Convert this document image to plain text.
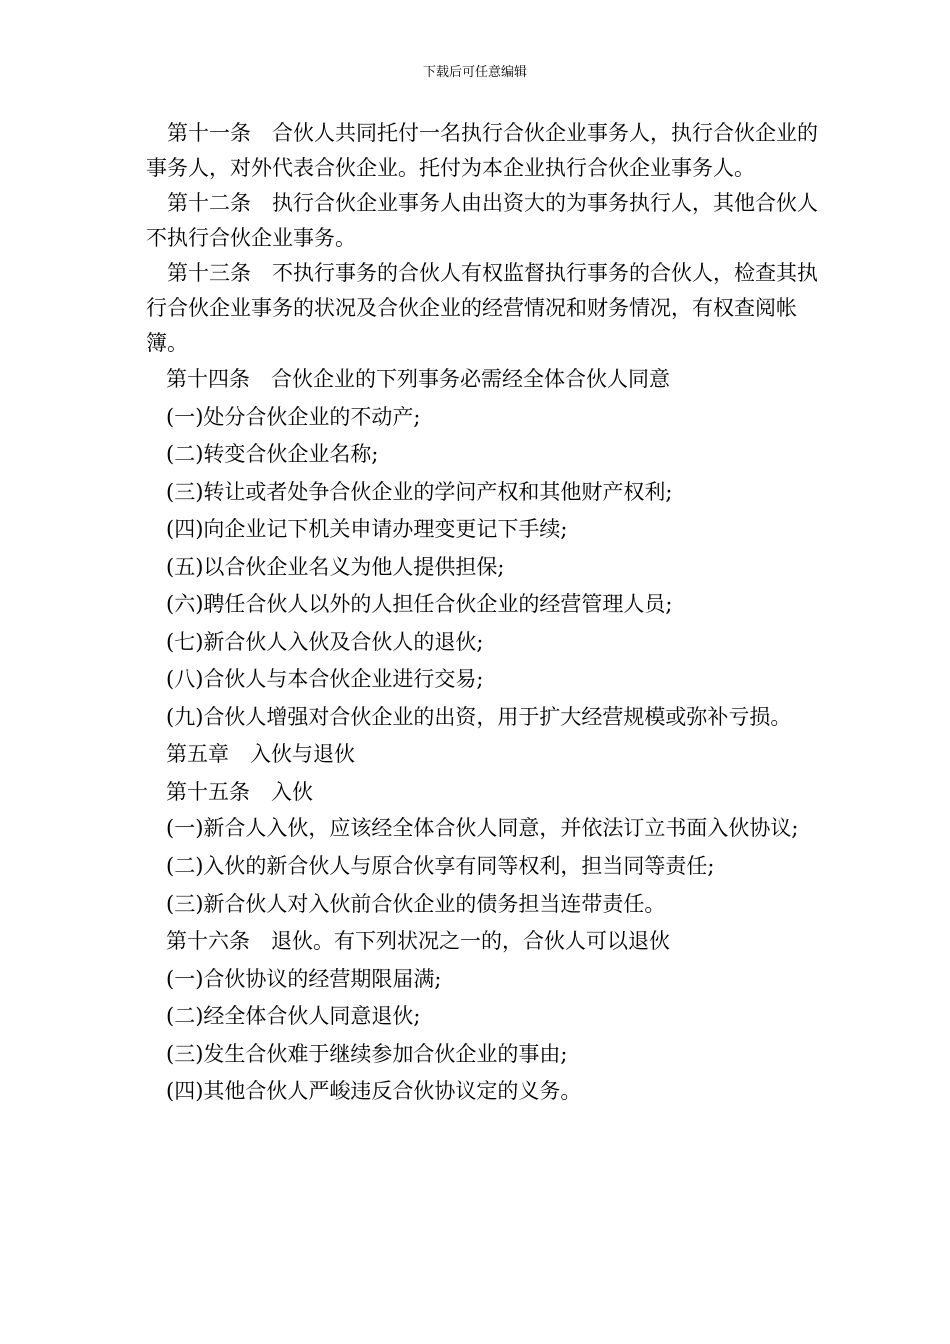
下载后可任意编辑

第十一条　合伙人共同托付一名执行合伙企业事务人，执行合伙企业的事务人，对外代表合伙企业。托付为本企业执行合伙企业事务人。

第十二条　执行合伙企业事务人由出资大的为事务执行人，其他合伙人不执行合伙企业事务。

第十三条　不执行事务的合伙人有权监督执行事务的合伙人，检查其执行合伙企业事务的状况及合伙企业的经营情况和财务情况，有权查阅帐簿。

第十四条　合伙企业的下列事务必需经全体合伙人同意
(一)处分合伙企业的不动产;
(二)转变合伙企业名称;
(三)转让或者处争合伙企业的学问产权和其他财产权利;
(四)向企业记下机关申请办理变更记下手续;
(五)以合伙企业名义为他人提供担保;
(六)聘任合伙人以外的人担任合伙企业的经营管理人员;
(七)新合伙人入伙及合伙人的退伙;
(八)合伙人与本合伙企业进行交易;
(九)合伙人增强对合伙企业的出资，用于扩大经营规模或弥补亏损。
第五章　入伙与退伙
第十五条　入伙

(一)新合人入伙，应该经全体合伙人同意，并依法订立书面入伙协议;

(二)入伙的新合伙人与原合伙享有同等权利，担当同等责任;
(三)新合伙人对入伙前合伙企业的债务担当连带责任。
第十六条　退伙。有下列状况之一的，合伙人可以退伙
(一)合伙协议的经营期限届满;
(二)经全体合伙人同意退伙;
(三)发生合伙难于继续参加合伙企业的事由;
(四)其他合伙人严峻违反合伙协议定的义务。
